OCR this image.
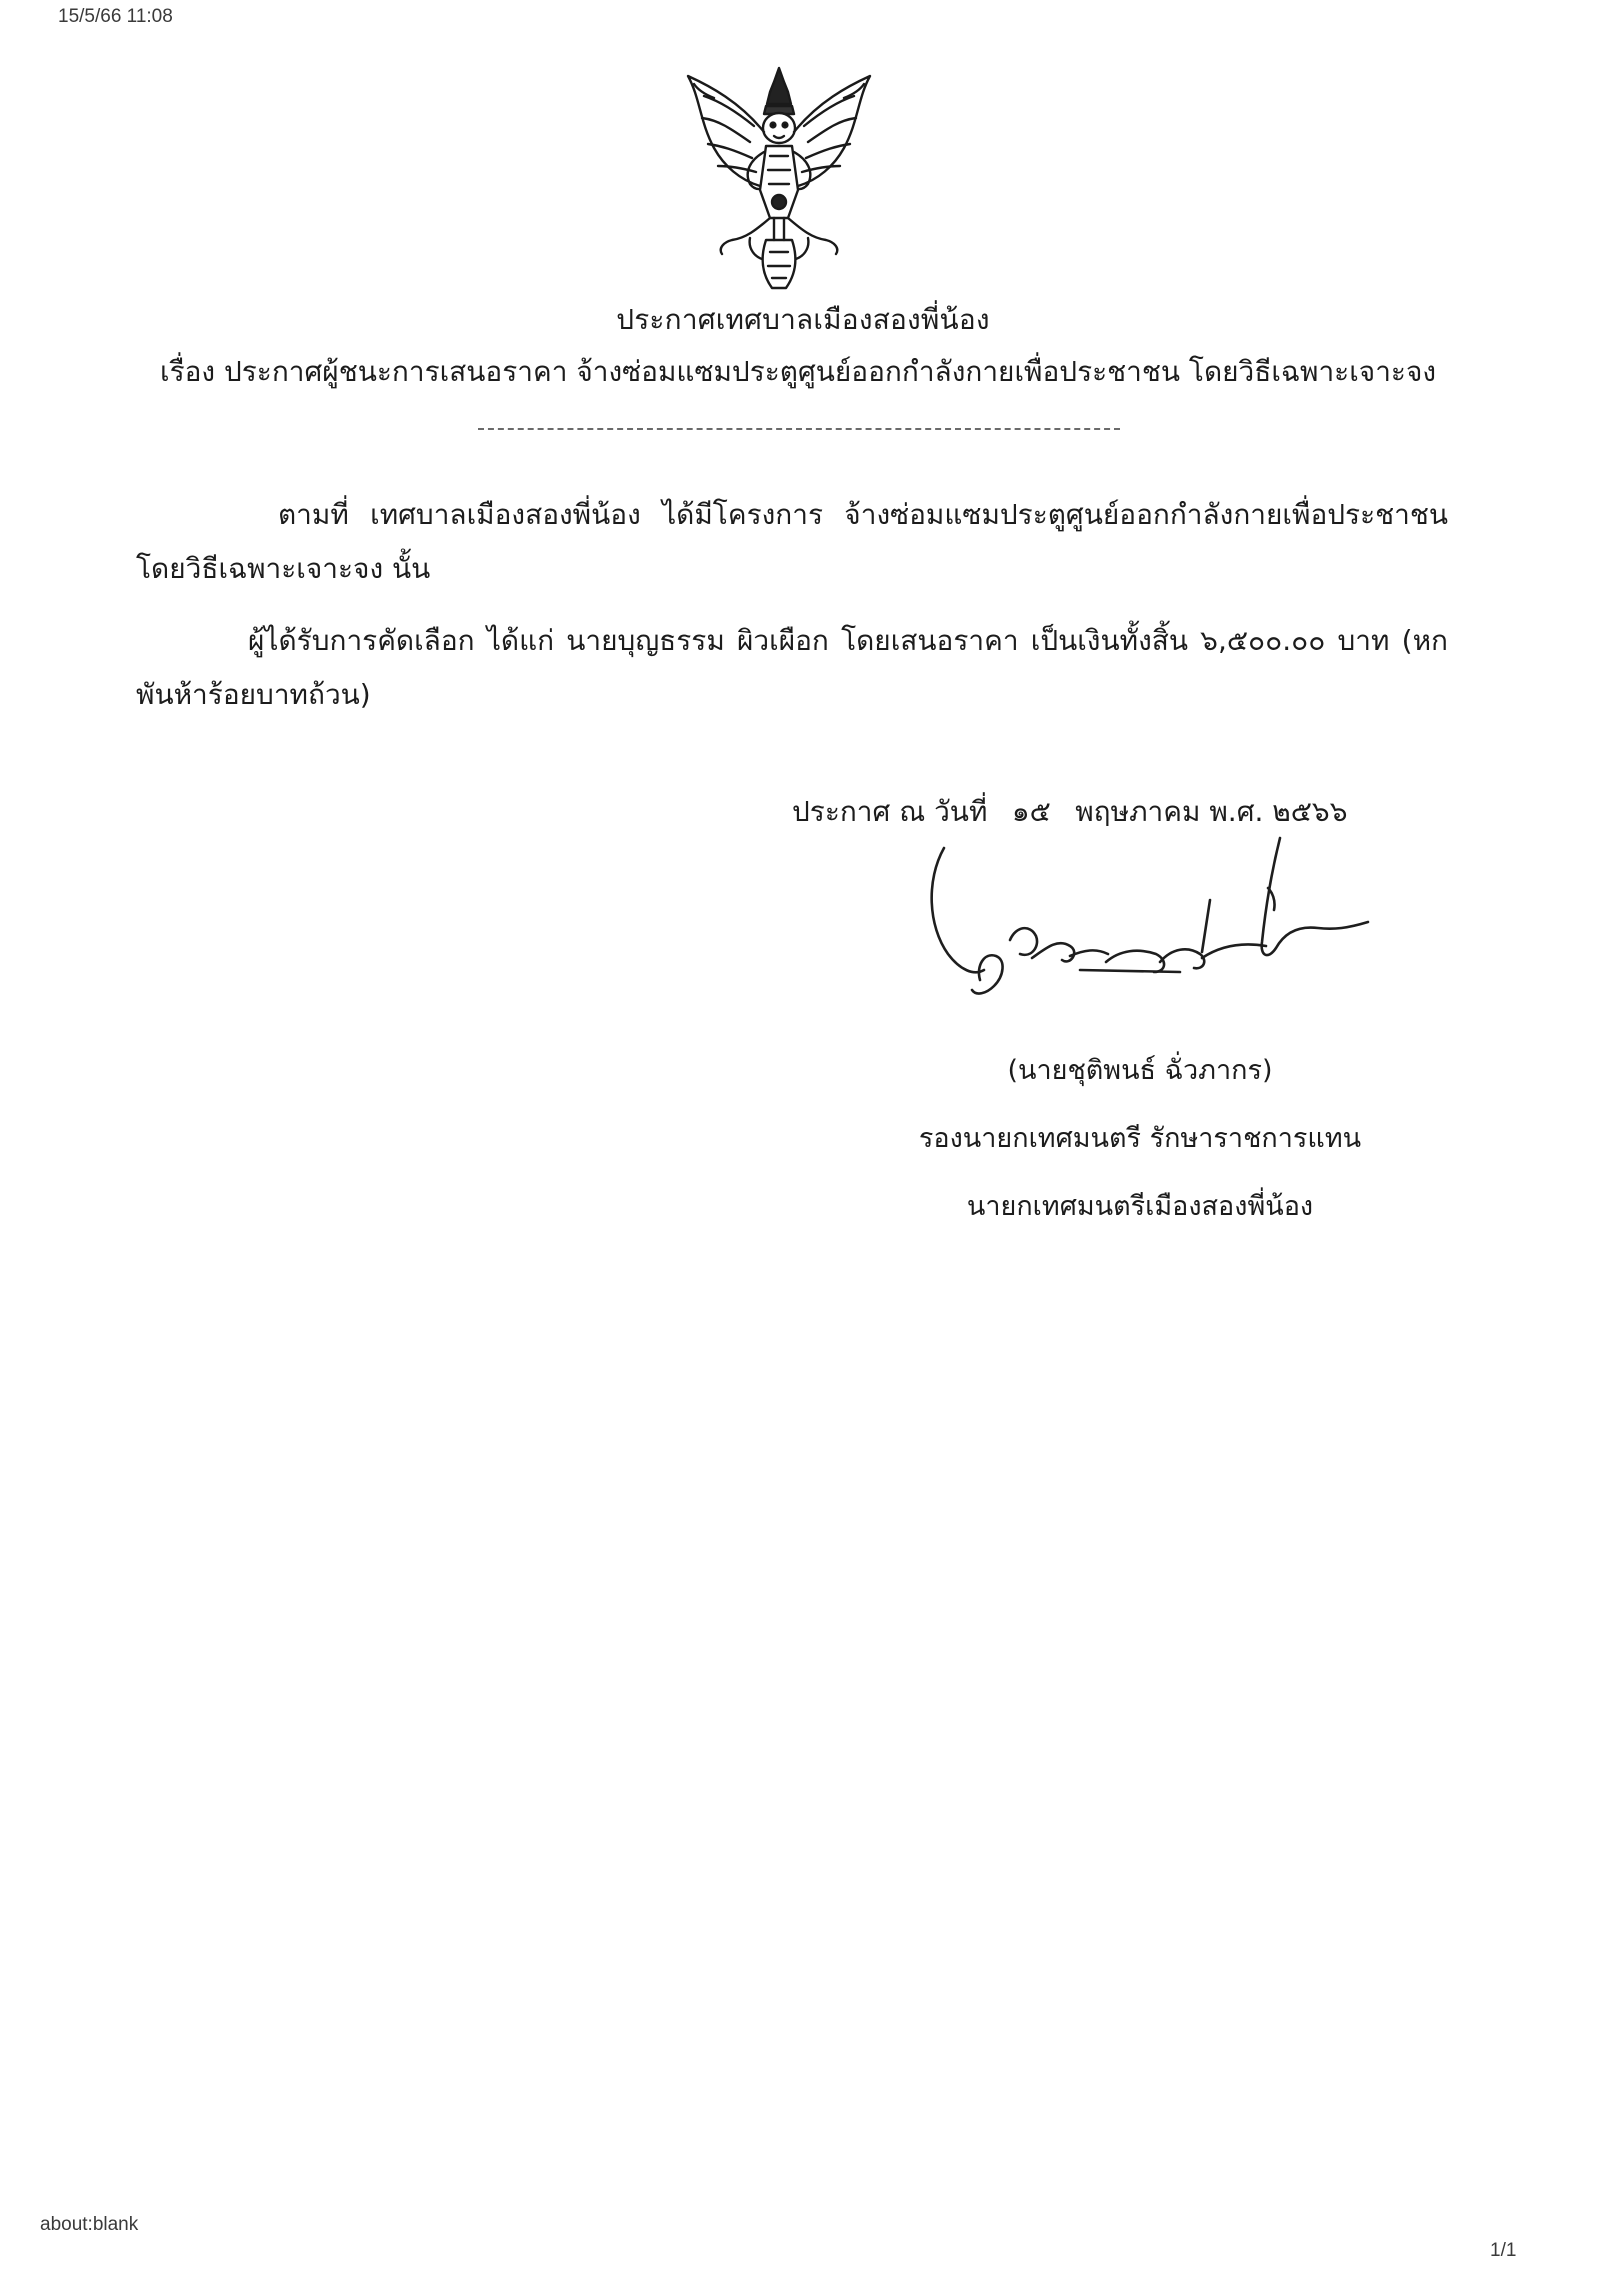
15/5/66 11:08
ประกาศเทศบาลเมืองสองพี่น้อง
เรื่อง ประกาศผู้ชนะการเสนอราคา จ้างซ่อมแซมประตูศูนย์ออกกำลังกายเพื่อประชาชน โดยวิธีเฉพาะเจาะจง
ตามที่ เทศบาลเมืองสองพี่น้อง ได้มีโครงการ จ้างซ่อมแซมประตูศูนย์ออกกำลังกายเพื่อประชาชน โดยวิธีเฉพาะเจาะจง นั้น
ผู้ได้รับการคัดเลือก ได้แก่ นายบุญธรรม ผิวเผือก โดยเสนอราคา เป็นเงินทั้งสิ้น ๖,๕๐๐.๐๐ บาท (หกพันห้าร้อยบาทถ้วน)
ประกาศ ณ วันที่ ๑๕ พฤษภาคม พ.ศ. ๒๕๖๖
(นายชุติพนธ์ ฉั่วภากร)
รองนายกเทศมนตรี รักษาราชการแทน
นายกเทศมนตรีเมืองสองพี่น้อง
about:blank
1/1
